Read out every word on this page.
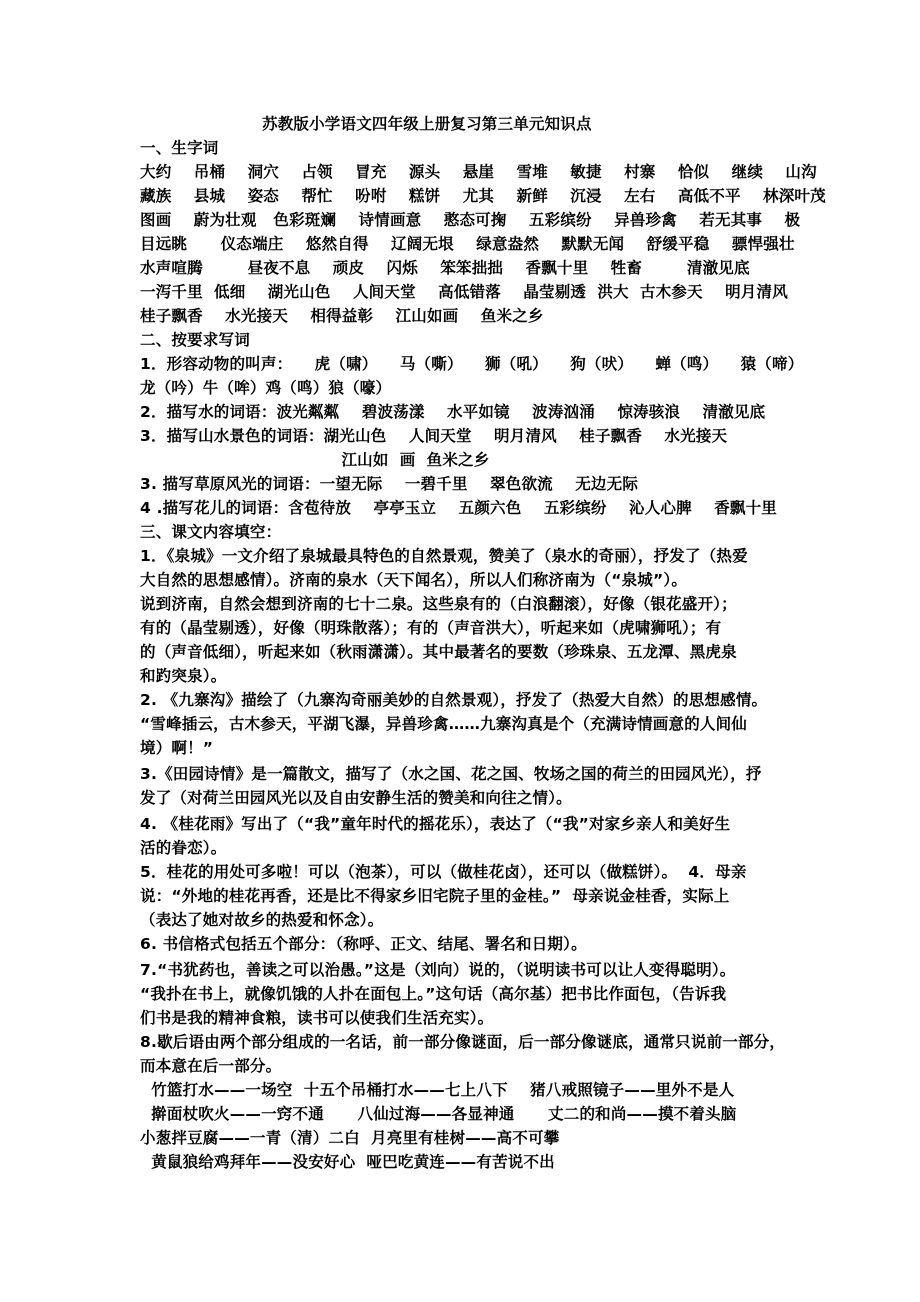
苏教版小学语文四年级上册复习第三单元知识点
一、生字词
大约    吊桶    洞穴    占领    冒充    源头    悬崖    雪堆    敏捷    村寨    恰似    继续    山沟
藏族    县城    姿态    帮忙    吩咐    糕饼    尤其    新鲜    沉浸    左右    高低不平    林深叶茂
图画    蔚为壮观   色彩斑斓    诗情画意    憨态可掬    五彩缤纷    异兽珍禽    若无其事    极
目远眺      仪态端庄    悠然自得    辽阔无垠    绿意盎然    默默无闻    舒缓平稳    骠悍强壮
水声喧腾        昼夜不息    顽皮    闪烁    笨笨拙拙    香飘十里    牲畜        清澈见底
一泻千里  低细    湖光山色    人间天堂    高低错落    晶莹剔透  洪大  古木参天    明月清风
桂子飘香    水光接天    相得益彰    江山如画    鱼米之乡
二、按要求写词
1．形容动物的叫声：    虎（啸）    马（嘶）    狮（吼）    狗（吠）    蝉（鸣）    猿（啼）
龙（吟）牛（哞）鸡（鸣）狼（嚎）
2．描写水的词语：波光粼粼    碧波荡漾    水平如镜    波涛汹涌    惊涛骇浪    清澈见底
3．描写山水景色的词语：湖光山色    人间天堂    明月清风    桂子飘香    水光接天
江山如  画  鱼米之乡
3. 描写草原风光的词语：一望无际    一碧千里    翠色欲流    无边无际
4 .描写花儿的词语：含苞待放    亭亭玉立    五颜六色    五彩缤纷    沁人心脾    香飘十里
三、课文内容填空：
1．《泉城》一文介绍了泉城最具特色的自然景观，赞美了（泉水的奇丽），抒发了（热爱
大自然的思想感情）。济南的泉水（天下闻名），所以人们称济南为（“泉城”）。
说到济南，自然会想到济南的七十二泉。这些泉有的（白浪翻滚），好像（银花盛开）；
有的（晶莹剔透），好像（明珠散落）；有的（声音洪大），听起来如（虎啸狮吼）；有
的（声音低细），听起来如（秋雨潇潇）。其中最著名的要数（珍珠泉、五龙潭、黑虎泉
和趵突泉）。
2. 《九寨沟》描绘了（九寨沟奇丽美妙的自然景观），抒发了（热爱大自然）的思想感情。
“雪峰插云，古木参天，平湖飞瀑，异兽珍禽……九寨沟真是个（充满诗情画意的人间仙
境）啊！”
3.《田园诗情》是一篇散文，描写了（水之国、花之国、牧场之国的荷兰的田园风光），抒
发了（对荷兰田园风光以及自由安静生活的赞美和向往之情）。
4. 《桂花雨》写出了（“我”童年时代的摇花乐），表达了（“我”对家乡亲人和美好生
活的眷恋）。
5．桂花的用处可多啦！可以（泡茶），可以（做桂花卤），还可以（做糕饼）。  4．母亲
说：“外地的桂花再香，还是比不得家乡旧宅院子里的金桂。”  母亲说金桂香，实际上
（表达了她对故乡的热爱和怀念）。
6. 书信格式包括五个部分：（称呼、正文、结尾、署名和日期）。
7.“书犹药也，善读之可以治愚。”这是（刘向）说的，（说明读书可以让人变得聪明）。
“我扑在书上，就像饥饿的人扑在面包上。”这句话（高尔基）把书比作面包，（告诉我
们书是我的精神食粮，读书可以使我们生活充实）。
8.歇后语由两个部分组成的一名话，前一部分像谜面，后一部分像谜底，通常只说前一部分，
而本意在后一部分。
竹篮打水——一场空  十五个吊桶打水——七上八下    猪八戒照镜子——里外不是人
擀面杖吹火——一窍不通      八仙过海——各显神通      丈二的和尚——摸不着头脑
小葱拌豆腐——一青（清）二白  月亮里有桂树——高不可攀
黄鼠狼给鸡拜年——没安好心  哑巴吃黄连——有苦说不出
